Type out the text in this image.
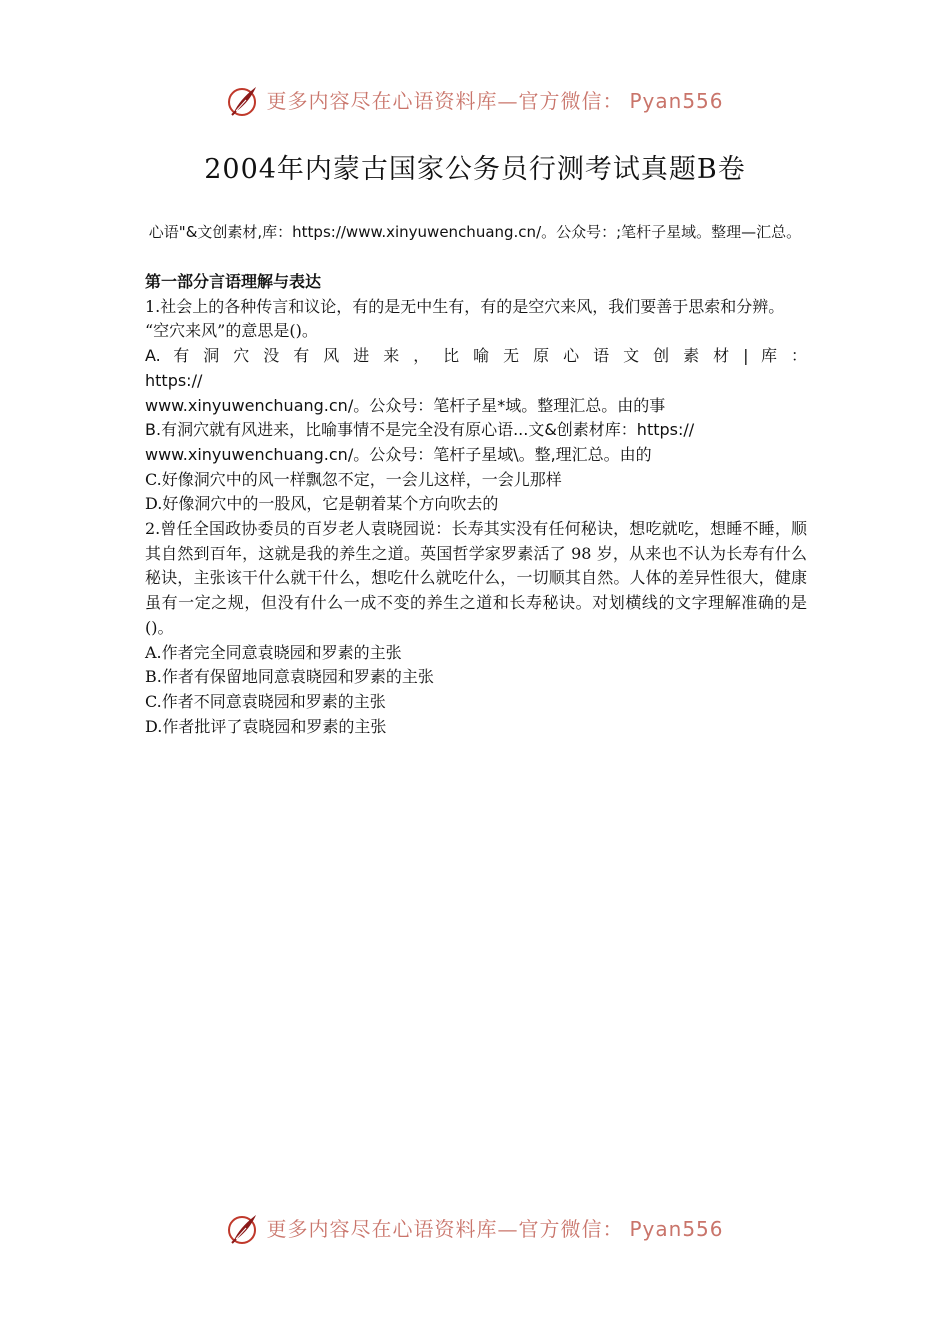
更多内容尽在心语资料库—官方微信： Pyan556
2004年内蒙古国家公务员行测考试真题B卷
心语"&文创素材,库：https://www.xinyuwenchuang.cn/。公众号：;笔杆子星域。整理—汇总。

第一部分言语理解与表达

1.社会上的各种传言和议论，有的是无中生有，有的是空穴来风，我们要善于思索和分辨。

“空穴来风”的意思是()。

A. 有 洞 穴 没 有 风 进 来 ， 比 喻 无 原 心 语 文 创 素 材 | 库 ： https://

www.xinyuwenchuang.cn/。公众号：笔杆子星*域。整理汇总。由的事

B.有洞穴就有风进来，比喻事情不是完全没有原心语...文&创素材库：https://

www.xinyuwenchuang.cn/。公众号：笔杆子星域\。整,理汇总。由的

C.好像洞穴中的风一样飘忽不定，一会儿这样，一会儿那样

D.好像洞穴中的一股风，它是朝着某个方向吹去的

2.曾任全国政协委员的百岁老人袁晓园说：长寿其实没有任何秘诀，想吃就吃，想睡不睡，顺其自然到百年，这就是我的养生之道。英国哲学家罗素活了 98 岁，从来也不认为长寿有什么秘诀，主张该干什么就干什么，想吃什么就吃什么，一切顺其自然。人体的差异性很大，健康虽有一定之规，但没有什么一成不变的养生之道和长寿秘诀。对划横线的文字理解准确的是()。

A.作者完全同意袁晓园和罗素的主张

B.作者有保留地同意袁晓园和罗素的主张

C.作者不同意袁晓园和罗素的主张

D.作者批评了袁晓园和罗素的主张

更多内容尽在心语资料库—官方微信： Pyan556
